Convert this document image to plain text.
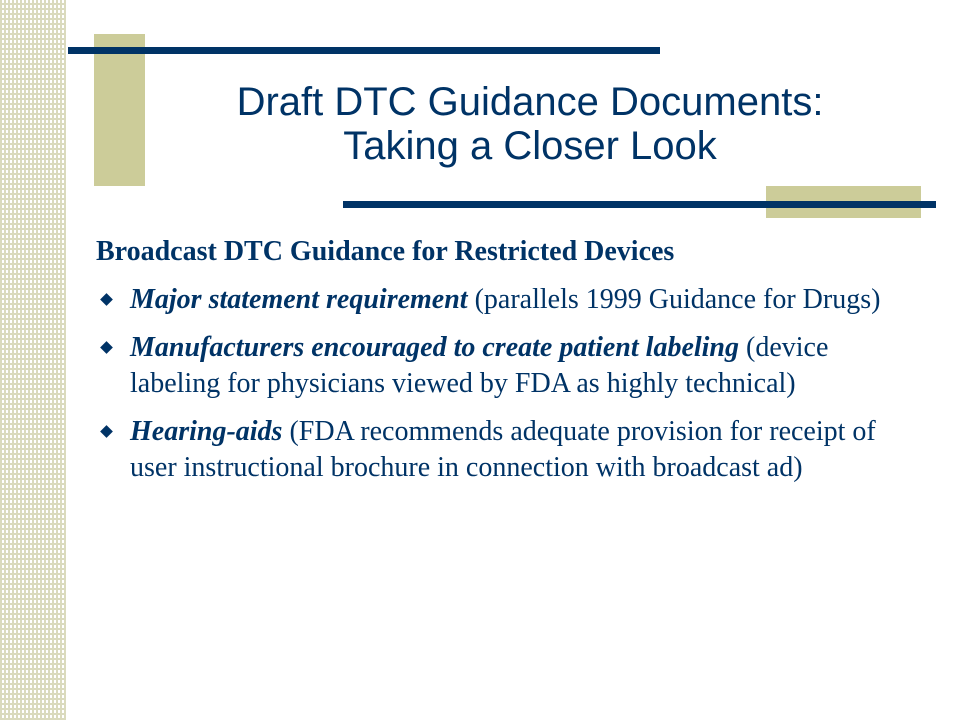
Draft DTC Guidance Documents:
Taking a Closer Look
Broadcast DTC Guidance for Restricted Devices
Major statement requirement (parallels 1999 Guidance for Drugs)
Manufacturers encouraged to create patient labeling (device labeling for physicians viewed by FDA as highly technical)
Hearing-aids (FDA recommends adequate provision for receipt of user instructional brochure in connection with broadcast ad)
